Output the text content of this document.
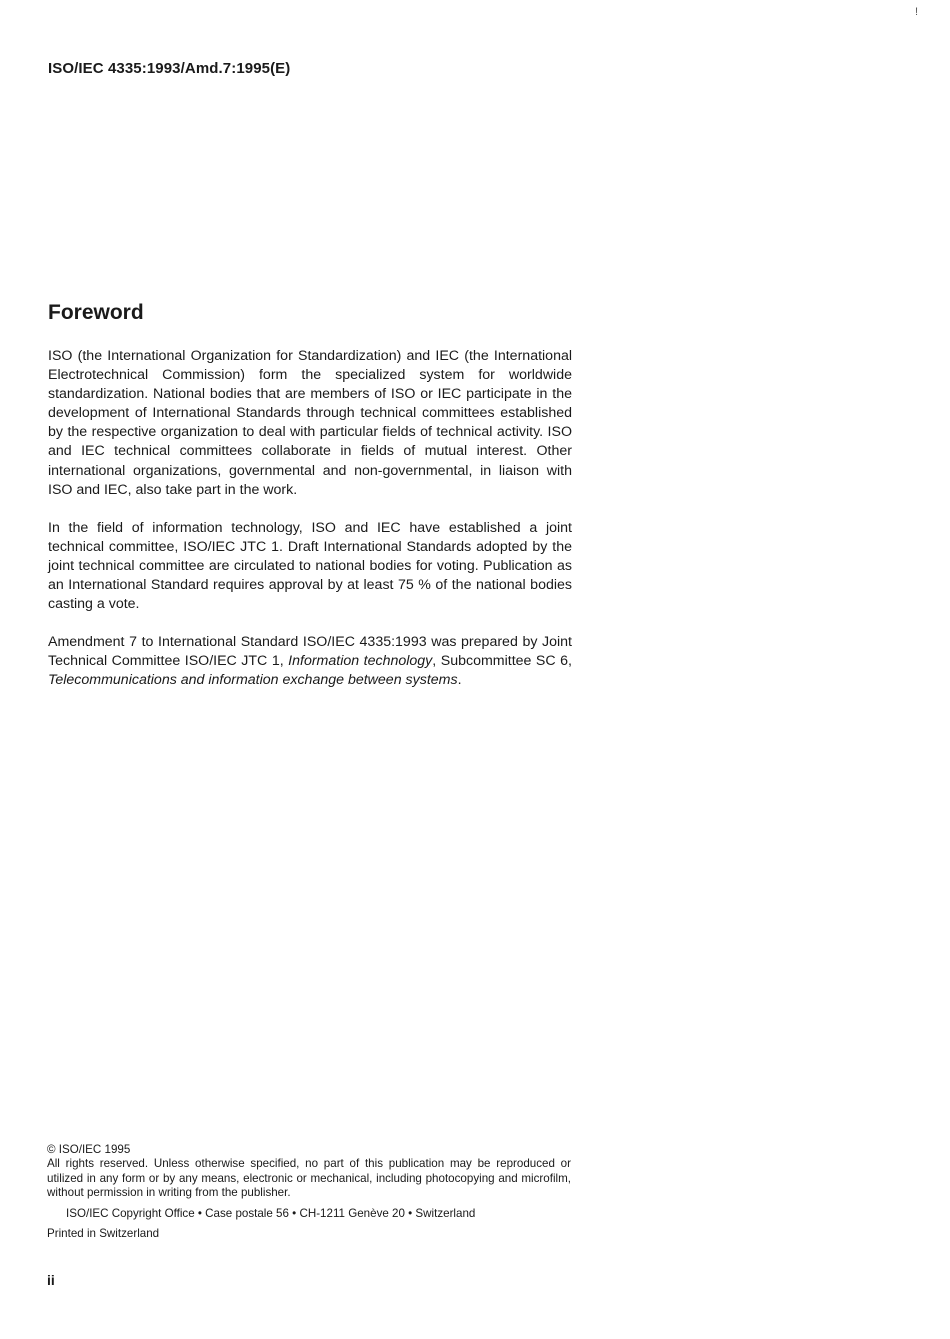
!
ISO/IEC 4335:1993/Amd.7:1995(E)
Foreword

ISO (the International Organization for Standardization) and IEC (the International Electrotechnical Commission) form the specialized system for worldwide standardization. National bodies that are members of ISO or IEC participate in the development of International Standards through technical committees established by the respective organization to deal with particular fields of technical activity. ISO and IEC technical committees collaborate in fields of mutual interest. Other international organizations, governmental and non-governmental, in liaison with ISO and IEC, also take part in the work.

In the field of information technology, ISO and IEC have established a joint technical committee, ISO/IEC JTC 1. Draft International Standards adopted by the joint technical committee are circulated to national bodies for voting. Publication as an International Standard requires approval by at least 75 % of the national bodies casting a vote.

Amendment 7 to International Standard ISO/IEC 4335:1993 was prepared by Joint Technical Committee ISO/IEC JTC 1, Information technology, Subcommittee SC 6, Telecommunications and information exchange between systems.

© ISO/IEC 1995
All rights reserved. Unless otherwise specified, no part of this publication may be reproduced or utilized in any form or by any means, electronic or mechanical, including photocopying and microfilm, without permission in writing from the publisher.
ISO/IEC Copyright Office • Case postale 56 • CH-1211 Genève 20 • Switzerland
Printed in Switzerland
ii
